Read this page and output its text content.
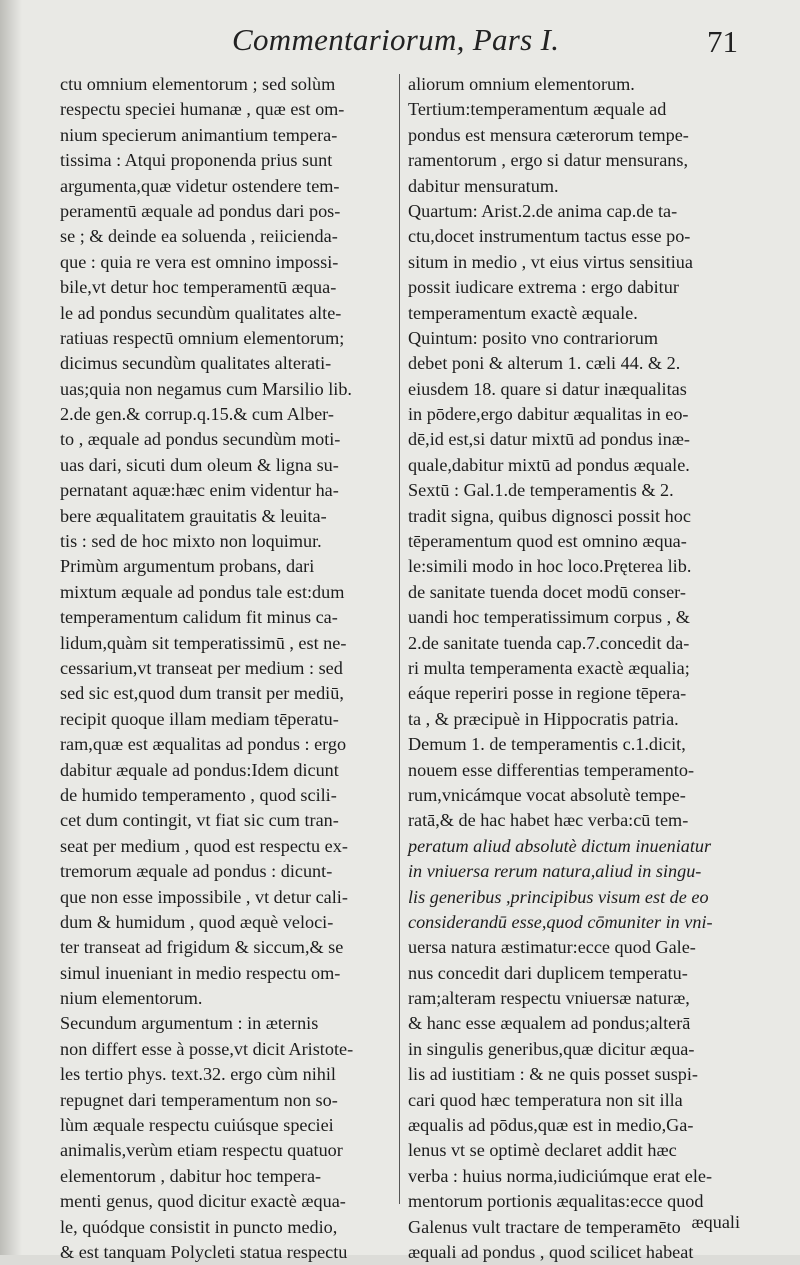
Commentariorum, Pars I.	71
ctu omnium elementorum ; sed solùm
respectu speciei humanæ , quæ est om-
nium specierum animantium tempera-
tissima : Atqui proponenda prius sunt
argumenta,quæ videtur ostendere tem-
peramentū æquale ad pondus dari pos-
se ; & deinde ea soluenda , reiicienda-
que : quia re vera est omnino impossi-
bile,vt detur hoc temperamentū æqua-
le ad pondus secundùm qualitates alte-
ratiuas respectū omnium elementorum;
dicimus secundùm qualitates alterati-
uas;quia non negamus cum Marsilio lib.
2.de gen.& corrup.q.15.& cum Alber-
to , æquale ad pondus secundùm moti-
uas dari, sicuti dum oleum & ligna su-
pernatant aquæ:hæc enim videntur ha-
bere æqualitatem grauitatis & leuita-
tis : sed de hoc mixto non loquimur.
Primùm argumentum probans, dari
mixtum æquale ad pondus tale est:dum
temperamentum calidum fit minus ca-
lidum,quàm sit temperatissimū , est ne-
cessarium,vt transeat per medium : sed
sed sic est,quod dum transit per mediū,
recipit quoque illam mediam tēperatu-
ram,quæ est æqualitas ad pondus : ergo
dabitur æquale ad pondus:Idem dicunt
de humido temperamento , quod scili-
cet dum contingit, vt fiat sic cum tran-
seat per medium , quod est respectu ex-
tremorum æquale ad pondus : dicunt-
que non esse impossibile , vt detur cali-
dum & humidum , quod æquè veloci-
ter transeat ad frigidum & siccum,& se
simul inueniant in medio respectu om-
nium elementorum.
Secundum argumentum : in æternis
non differt esse à posse,vt dicit Aristote-
les tertio phys. text.32. ergo cùm nihil
repugnet dari temperamentum non so-
lùm æquale respectu cuiúsque speciei
animalis,verùm etiam respectu quatuor
elementorum , dabitur hoc tempera-
menti genus, quod dicitur exactè æqua-
le, quódque consistit in puncto medio,
& est tanquam Polycleti statua respectu
aliorum omnium elementorum.
Tertium:temperamentum æquale ad
pondus est mensura cæterorum tempe-
ramentorum , ergo si datur mensurans,
dabitur mensuratum.
Quartum: Arist.2.de anima cap.de ta-
ctu,docet instrumentum tactus esse po-
situm in medio , vt eius virtus sensitiua
possit iudicare extrema : ergo dabitur
temperamentum exactè æquale.
Quintum: posito vno contrariorum
debet poni & alterum 1. cæli 44. & 2.
eiusdem 18. quare si datur inæqualitas
in pōdere,ergo dabitur æqualitas in eo-
dē,id est,si datur mixtū ad pondus inæ-
quale,dabitur mixtū ad pondus æquale.
Sextū : Gal.1.de temperamentis & 2.
tradit signa, quibus dignosci possit hoc
tēperamentum quod est omnino æqua-
le:simili modo in hoc loco.Prętereа lib.
de sanitate tuenda docet modū conser-
uandi hoc temperatissimum corpus , &
2.de sanitate tuenda cap.7.concedit da-
ri multa temperamenta exactè æqualia;
eáque reperiri posse in regione tēpera-
ta , & præcipuè in Hippocratis patria.
Demum 1. de temperamentis c.1.dicit,
nouem esse differentias temperamento-
rum,vnicámque vocat absolutè tempe-
ratā,& de hac habet hæc verba:cū tem-
peratum aliud absolutè dictum inueniatur
in vniuersa rerum natura,aliud in singu-
lis generibus ,principibus visum est de eo
considerandū esse,quod cōmuniter in vni-
uersa natura æstimatur:ecce quod Gale-
nus concedit dari duplicem temperatu-
ram;alteram respectu vniuersæ naturæ,
& hanc esse æqualem ad pondus;alterā
in singulis generibus,quæ dicitur æqua-
lis ad iustitiam : & ne quis posset suspi-
cari quod hæc temperatura non sit illa
æqualis ad pōdus,quæ est in medio,Ga-
lenus vt se optimè declaret addit hæc
verba : huius norma,iudiciúmque erat ele-
mentorum portionis æqualitas:ecce quod
Galenus vult tractare de temperamēto
æquali ad pondus , quod scilicet habeat
æquali
